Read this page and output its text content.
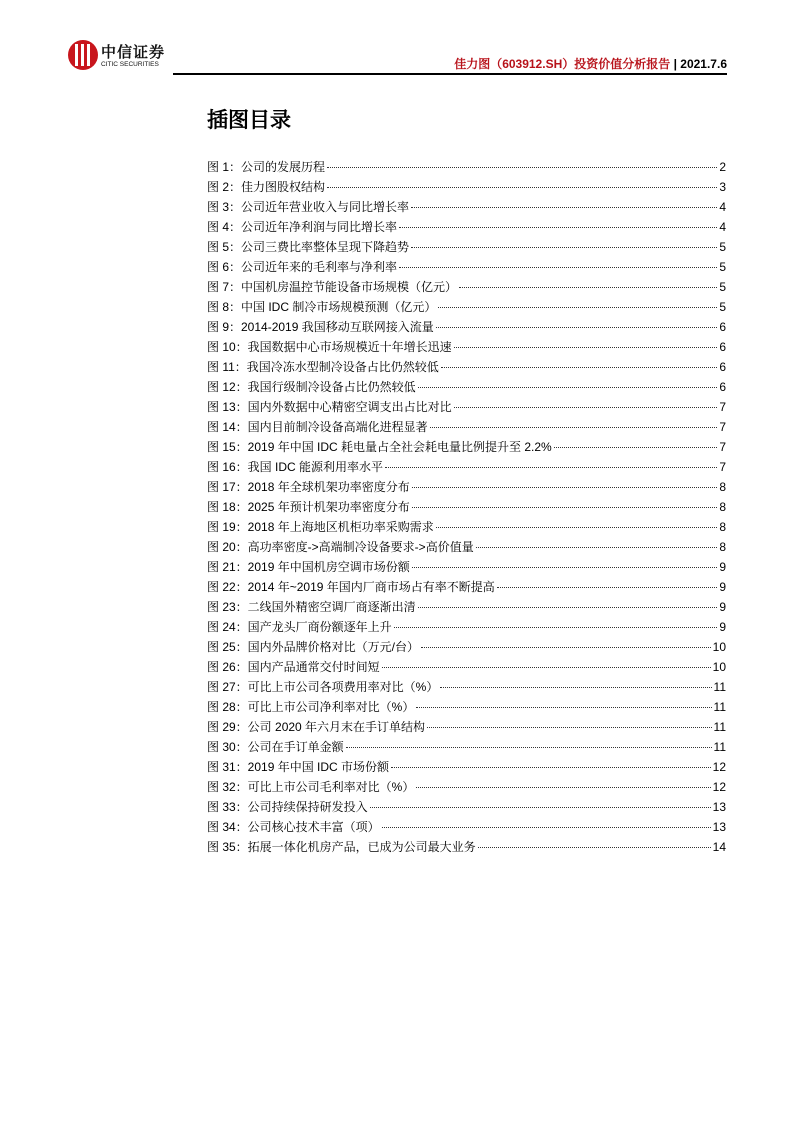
中信证券
CITIC SECURITIES	佳力图（603912.SH）投资价值分析报告 | 2021.7.6
插图目录
图 1：公司的发展历程	2
图 2：佳力图股权结构	3
图 3：公司近年营业收入与同比增长率	4
图 4：公司近年净利润与同比增长率	4
图 5：公司三费比率整体呈现下降趋势	5
图 6：公司近年来的毛利率与净利率	5
图 7：中国机房温控节能设备市场规模（亿元）	5
图 8：中国 IDC 制冷市场规模预测（亿元）	5
图 9：2014-2019 我国移动互联网接入流量	6
图 10：我国数据中心市场规模近十年增长迅速	6
图 11：我国冷冻水型制冷设备占比仍然较低	6
图 12：我国行级制冷设备占比仍然较低	6
图 13：国内外数据中心精密空调支出占比对比	7
图 14：国内目前制冷设备高端化进程显著	7
图 15：2019 年中国 IDC 耗电量占全社会耗电量比例提升至 2.2%	7
图 16：我国 IDC 能源利用率水平	7
图 17：2018 年全球机架功率密度分布	8
图 18：2025 年预计机架功率密度分布	8
图 19：2018 年上海地区机柜功率采购需求	8
图 20：高功率密度->高端制冷设备要求->高价值量	8
图 21：2019 年中国机房空调市场份额	9
图 22：2014 年~2019 年国内厂商市场占有率不断提高	9
图 23：二线国外精密空调厂商逐渐出清	9
图 24：国产龙头厂商份额逐年上升	9
图 25：国内外品牌价格对比（万元/台）	10
图 26：国内产品通常交付时间短	10
图 27：可比上市公司各项费用率对比（%）	11
图 28：可比上市公司净利率对比（%）	11
图 29：公司 2020 年六月末在手订单结构	11
图 30：公司在手订单金额	11
图 31：2019 年中国 IDC 市场份额	12
图 32：可比上市公司毛利率对比（%）	12
图 33：公司持续保持研发投入	13
图 34：公司核心技术丰富（项）	13
图 35：拓展一体化机房产品，已成为公司最大业务	14
